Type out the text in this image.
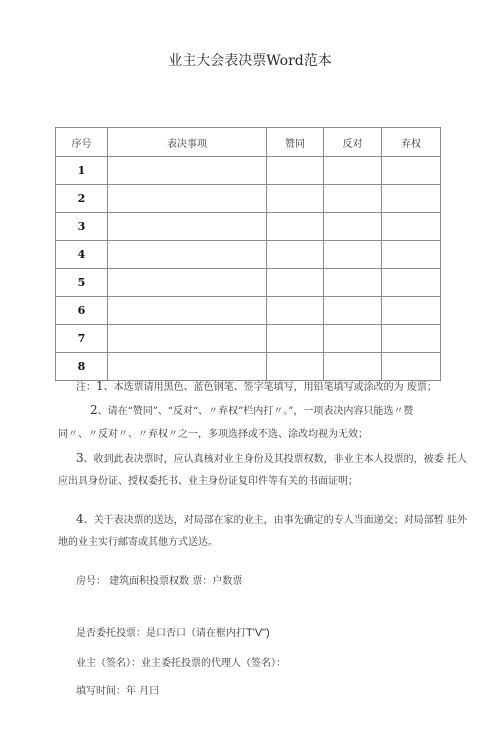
业主大会表决票Word范本
序号	表决事项	赞同	反对	弃权
1				
2				
3				
4				
5				
6				
7				
8				
注：1、本选票请用黑色、蓝色钢笔、签字笔填写，用铅笔填写或涂改的为 废票；
2、请在“赞同”、“反对“、〃弃权”栏内打〃。”，一项表决内容只能选〃赞
同〃、〃反对〃、〃弃权〃之一，多项选择或不选、涂改均视为无效；
3、收到此表决票时，应认真核对业主身份及其投票权数，非业主本人投票的，被委 托人
应出具身份证、授权委托书、业主身份证复印件等有关的书面证明；
4、关于表决票的送达，对局部在家的业主，由事先确定的专人当面递交；对局部暂 驻外
地的业主实行邮寄或其他方式送达。
房号： 建筑面积投票权数 票：户数票
是否委托投票：是口否口（请在框内打T'V")
业主（签名）：业主委托投票的代理人（签名）：
填写时间：年 月曰
